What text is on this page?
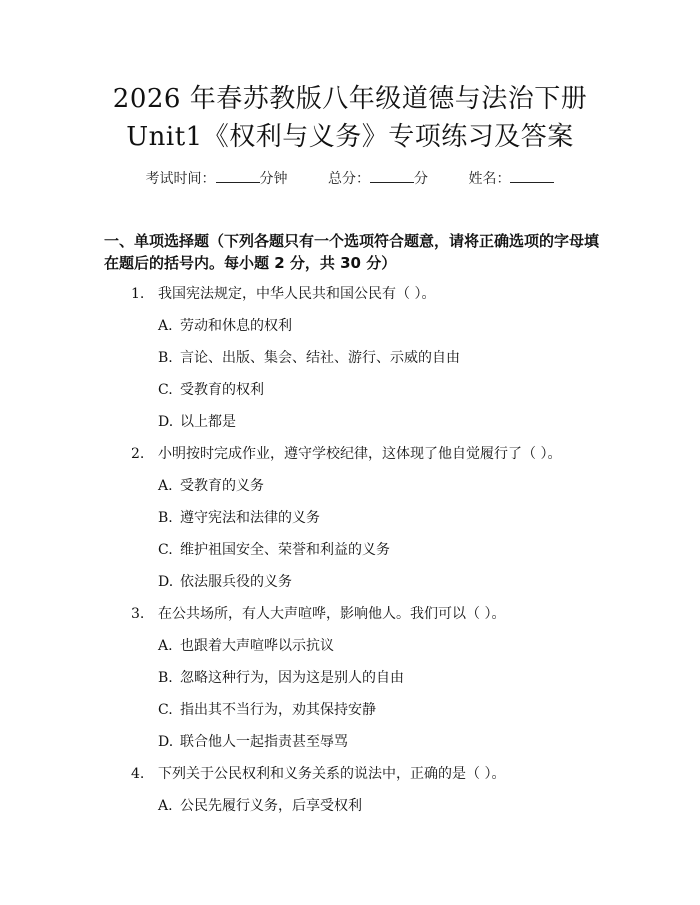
2026 年春苏教版八年级道德与法治下册
Unit1《权利与义务》专项练习及答案
考试时间：	分钟	总分：	分	姓名：
一、单项选择题（下列各题只有一个选项符合题意，请将正确选项的字母填在题后的括号内。每小题 2 分，共 30 分）
1. 我国宪法规定，中华人民共和国公民有（ ）。
A. 劳动和休息的权利
B. 言论、出版、集会、结社、游行、示威的自由
C. 受教育的权利
D. 以上都是
2. 小明按时完成作业，遵守学校纪律，这体现了他自觉履行了（ ）。
A. 受教育的义务
B. 遵守宪法和法律的义务
C. 维护祖国安全、荣誉和利益的义务
D. 依法服兵役的义务
3. 在公共场所，有人大声喧哗，影响他人。我们可以（ ）。
A. 也跟着大声喧哗以示抗议
B. 忽略这种行为，因为这是别人的自由
C. 指出其不当行为，劝其保持安静
D. 联合他人一起指责甚至辱骂
4. 下列关于公民权利和义务关系的说法中，正确的是（ ）。
A. 公民先履行义务，后享受权利
